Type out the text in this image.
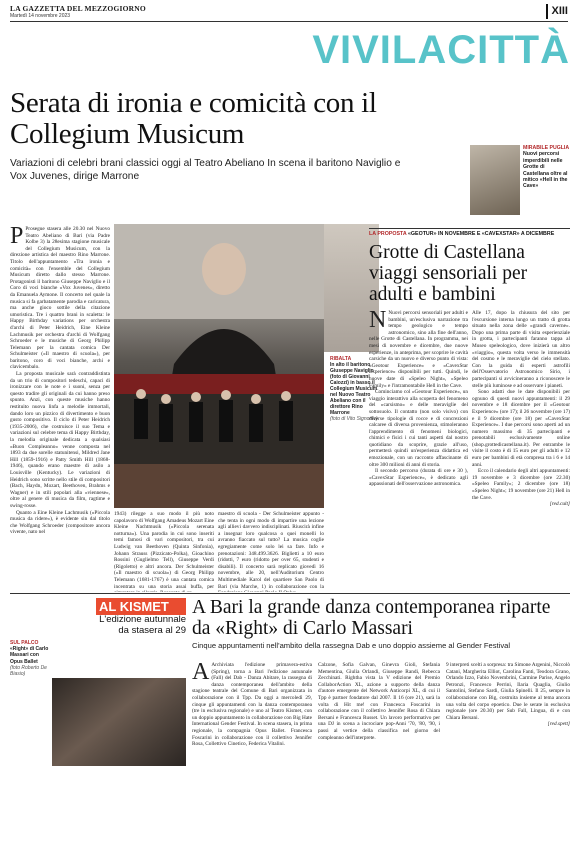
LA GAZZETTA DEL MEZZOGIORNO
Martedì 14 novembre 2023	XIII
VIVILACITTÀ
Serata di ironia e comicità con il Collegium Musicum
Variazioni di celebri brani classici oggi al Teatro Abeliano In scena il baritono Naviglio e Vox Juvenes, dirige Marrone
P Prosegue stasera alle 20.30 nel Nuovo Teatro Abeliano di Bari (via Padre Kolbe 3) la 28esima stagione musicale del Collegium Musicum, con la direzione artistica del maestro Rino Marrone. Titolo dell'appuntamento «Tra ironia e comicità» con l'ensemble del Collegium Musicum diretto dallo stesso Marrone. Protagonisti il baritono Giuseppe Naviglio e il Coro di voci bianche «Vox Juvenes», diretto da Emanuela Aymone. Il concerto nel quale la musica si fa garbatamente parodia e caricatura, ma anche gioco sottile della citazione umoristica. Tre i quattro brani in scaletta: le Happy Birthday variations per orchestra d'archi di Peter Heidrich, Eine Kleine Lachmusik per orchestra d'archi di Wolfgang Schroeder e le musiche di Georg Philipp Telemann per la cantata comica Der Schulmeister («Il maestro di scuola»), per baritono, coro di voci bianche, archi e clavicembalo.

La proposta musicale sarà contraddistinta da un trio di compositori tedeschi, capaci di ironizzare con le note e i suoni, senza per questo tradire gli originali da cui hanno preso spunto. Anzi, con queste musiche hanno restituito nuova linfa a melodie immortali, dando loro un pizzico di divertimento e buon gusto compositivo. Il ciclo di Peter Heidrich (1935-2006), che costruisce il suo Tema e variazioni sul celebre tema di Happy Birthday, la melodia originale dedicata a qualsiasi «Buon Compleanno» venne composta nel 1893 da due sorelle statunitensi, Mildred Jane Hill (1859-1916) e Patty Smith Hill (1868-1946), quando erano maestre di asilo a Louisville (Kentucky). Le variazioni di Heidrich sono scritte nello stile di compositori (Bach, Haydn, Mozart, Beethoven, Brahms e Wagner) e in stili popolari alla «viennese», oltre al genere di musica da film, ragtime e swing-rosse.

Quanto a Eine Kleine Lachmusik («Piccola musica da ridere»), è evidente sin dal titolo che Wolfgang Schroeder (compositore ancora vivente, nato nel

RIBALTA
In alto il baritono Giuseppe Naviglio (foto di Giovanni Caiozzi) in basso il Collegium Musicum nel Nuovo Teatro Abeliano con il direttore Rino Marrone
(foto di Vito Signorile)
1943) rilegge a suo modo il più noto capolavoro di Wolfgang Amadeus Mozart Eine Kleine Nachtmusik («Piccola serenata notturna»). Una parodia in cui sono inseriti temi famosi di vari compositori, tra cui Ludwig van Beethoven (Quinta Sinfonia), Johann Strauss (Pizzicato-Polka), Gioachino Rossini (Guglielmo Tell), Giuseppe Verdi (Rigoletto) e altri ancora. Der Schulmeister («Il maestro di scuola») di Georg Philipp Telemann (1681-1767) è una cantata comica incentrata su una storia assai buffa, per
maestro di scuola - Der Schulmeister appunto - che tenta in ogni modo di impartire una lezione agli allievi davvero indisciplinati. Riuscirà infine a insegnar loro qualcosa o quei monelli lo avranno fiaccato sul tutto? La musica coglie egregiamente come solo lei sa fare. Info e prenotazioni: 348.499.3626. Biglietti a 10 euro (ridotti, 7 euro (ridotto per over 65, studenti e disabili). Il concerto sarà replicato giovedì 16 novembre, alle 20, nell'Auditorium Centro Multimediale Karol del quartiere San Paolo di Bari (via Marche, 1) in collaborazione con la
MIRABILE PUGLIA
Nuovi percorsi imperdibili nelle Grotte di Castellana oltre al mitico «Hell in the Cave»
LA PROPOSTA «GEOTUR» IN NOVEMBRE E «CAVEXSTAR» A DICEMBRE
Grotte di Castellana viaggi sensoriali per adulti e bambini
N Nuovi percorsi sensoriali per adulti e bambini, un'esclusiva narrazione tra tempo geologico e tempo astronomico, sino alla fine dell'anno, nelle Grotte di Castellana. In programma, nei mesi di novembre e dicembre, due nuove esperienze, in anteprima, per scoprire le cavità carsiche da un nuovo e diverso punto di vista: «Geotour Experience» e «CavexStar Experience» disponibili per tutti. Quindi, le nuove date di «Speleo Night», «Speleo Family» e l'intramontabile Hell in the Cave.

Cominciamo col «Geotour Experience», un viaggio interattivo alla scoperta del fenomeno del «carsismo» e delle meraviglie del sottosuolo. Il contatto (non solo visivo) con diverse tipologie di rocce e di concrezioni calcaree di diversa provenienza, stimoleranno l'apprendimento di fenomeni biologici, chimici e fisici i cui tanti aspetti dal nostro quotidiano da scoprire, grazie all'uso, permetterà quindi un'esperienza didattica ed emozionale, con un racconto affascinante di oltre 300 milioni di anni di storia.

Il secondo percorso (durata di ore e 30 ), «CavexStar Experience», è dedicato agli appassionati dell'osservazione astronomica.

Alle 17, dopo la chiusura del sito per l'escursione interna lungo un tratto di grotta situato nella zona delle «grandi caverne». Dopo una prima parte di visita esperienziale in grotta, i partecipanti faranno tappa al Museo speleologico, dove inizierà un altro «viaggio», questa volta verso le immensità del cosmo e le meraviglie del cielo stellato. Con la guida di esperti astrofili dell'Osservatorio Astronomico Sirio, i partecipanti si avvicineranno a riconoscere le stelle più luminose e ad osservare i pianeti.

Sono adatti due le date disponibili per ognuno di questi nuovi appuntamenti: il 29 novembre e 18 dicembre per il «Geotour Experience» (ore 17); il 26 novembre (ore 17) e il 9 dicembre (ore 18) per «CavexStar Experience». I due percorsi sono aperti ad un numero massimo di 35 partecipanti e prenotabili esclusivamente online (shop.grottedicastellana.it). Per entrambe le visite il costo è di 15 euro per gli adulti e 12 euro per bambini di età compresa tra i 6 e 14 anni.

Ecco il calendario degli altri appuntamenti: 19 novembre e 3 dicembre (ore 22.30) «Speleo Family»; 2 dicembre (ore 18) «Speleo Night»; 19 novembre (ore 21) Hell in the Cave.

[red.cult]
AL KISMET
L'edizione autunnale da stasera al 29
SUL PALCO
«Right» di Carlo Massari con Opus Ballet
(foto Roberto De Biasio)
A Bari la grande danza contemporanea riparte da «Right» di Carlo Massari
Cinque appuntamenti nell'ambito della rassegna Dab e uno doppio assieme al Gender Festival
A Archiviata l'edizione primavera-estiva (Spring), torna a Bari l'edizione autunnale (Fall) del Dab - Danza Abitare, la rassegna di danza contemporanea dell'ambito della stagione teatrale del Comune di Bari organizzata in collaborazione con il Tpp. Da oggi a mercoledì 29, cinque gli appuntamenti con la danza contemporanea (tre in esclusiva regionale) e uno al Teatro Kismet, con un doppio appuntamento in collaborazione con Big Hate International Gender Festival. In scena stasera, in prima regionale, la compagnia Opus Ballet. Francesca Foscarini in collaborazione con il collettivo Jennifer Rosa, Collettivo Cinetico, Federica Vitalini.
Calzone, Sofia Galvan, Ginevra Gioli, Stefania Mementina, Giulia Orlandi, Giuseppe Randi, Rebecca Zecchinati. Rightha vista la V edizione del Premio CollaborAction XL, azione a supporto della danza d'autore emergente del Network Anticorpi XL, di cui il Tpp è partner fondatore dal 2007. Il 16 (ore 21), sarà la volta di Hit me! con Francesca Foscarini in collaborazione con il collettivo Jennifer Rosa di Chiara Bersani e Francesca Russet. Un lavoro performativo per una DJ in scena a incrociare pop-Anni '70, '80, '90, i passi al vertice della classifica nel giorno del compleanno dell'interprete.
9 interpreti scelti a sorpresa: tra Simone Argenini, Niccolò Catani, Margherita Elliot, Carolina Fanti, Teodora Grano, Orlando Izzo, Fabio Novembrini, Carmine Parise, Angelo Petronzi, Francesco Perrini, Ilaria Quaglia, Giulio Santolini, Stefano Sardi, Giulia Spinelli. Il 25, sempre in collaborazione con Big, costruita insieme al tema ancora una volta del corpo epoetico. Due le serate in esclusiva regionale (ore 20.30) per Sub Fall, Lingua, di e con Chiara Bersani.
[red.spett]
